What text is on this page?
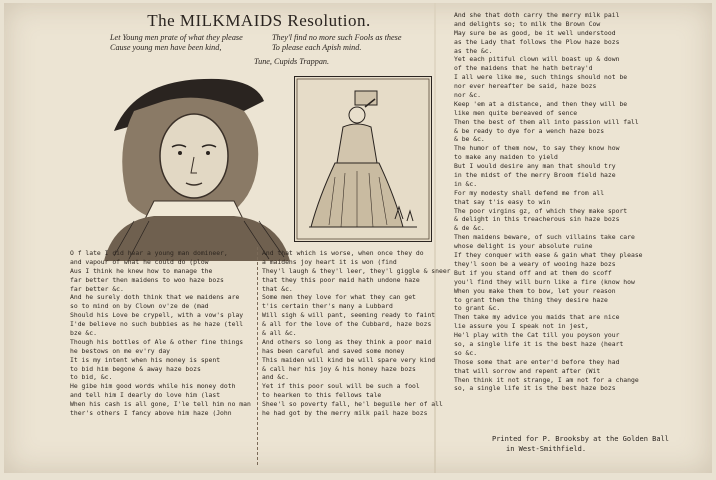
The MILKMAIDS Resolution.
Let Young men prate of what they please
Cause young men have been kind,
They'l find no more such Fools as these
To please each Apish mind.
Tune, Cupids Trappan.
O f late I did hear a young man domineer,
and vapour of what he could do (plow
Aus I think he knew how to manage the
far better then maidens to woo haze bozs
far better &c.
And he surely doth think that we maidens are
so to mind on by Clown ov'ze de (mad
Should his Love be crypell, with a vow's play
I'de believe no such bubbies as he haze (tell
bze &c.
Though his bottles of Ale & other fine things
he bestows on me ev'ry day
It is my intent when his money is spent
to bid him begone & away haze bozs
to bid, &c.
He gibe him good words while his money doth
and tell him I dearly do love him (last
When his cash is all gone, I'le tell him no man
ther's others I fancy above him haze (John
And that which is worse, when once they do
a maidens joy heart it is won (find
They'l laugh & they'l leer, they'l giggle & sneer
that they this poor maid hath undone haze
that &c.
Some men they love for what they can get
t'is certain ther's many a Lubbard
Will sigh & will pant, seeming ready to faint
& all for the love of the Cubbard, haze bozs
& all &c.
And others so long as they think a poor maid
has been careful and saved some money
This maiden will kind be will spare very kind
& call her his joy & his honey haze bozs
and &c.
Yet if this poor soul will be such a fool
to hearken to this fellows tale
Shee'l so poverty fall, he'l beguile her of all
he had got by the merry milk pail haze bozs
And she that doth carry the merry milk pail
and delights so; to milk the Brown Cow
May sure be as good, be it well understood
as the Lady that follows the Plow haze bozs
as the &c.
Yet each pitiful clown will boast up & down
of the maidens that he hath betray'd
I all were like me, such things should not be
nor ever hereafter be said, haze bozs
nor &c.
Keep 'em at a distance, and then they will be
like men quite bereaved of sence
Then the best of them all into passion will fall
& be ready to dye for a wench haze bozs
& be &c.
The humor of them now, to say they know how
to make any maiden to yield
But I would desire any man that should try
in the midst of the merry Broom field haze
in &c.
For my modesty shall defend me from all
that say t'is easy to win
The poor virgins gz, of which they make sport
& delight in this treacherous sin haze bozs
& de &c.
Then maidens beware, of such villains take care
whose delight is your absolute ruine
If they conquer with ease & gain what they please
they'l soon be a weary of wooing haze bozs
But if you stand off and at them do scoff
you'l find they will burn like a fire (know how
When you make them to bow, let your reason
to grant them the thing they desire haze
to grant &c.
Then take my advice you maids that are nice
lie assure you I speak not in jest,
He'l play with the Cat till you poyson your
so, a single life it is the best haze (heart
so &c.
Those some that are enter'd before they had
that will sorrow and repent after (Wit
Then think it not strange, I am not for a change
so, a single life it is the best haze bozs
Printed for P. Brooksby at the Golden Ball
in West-Smithfield.
